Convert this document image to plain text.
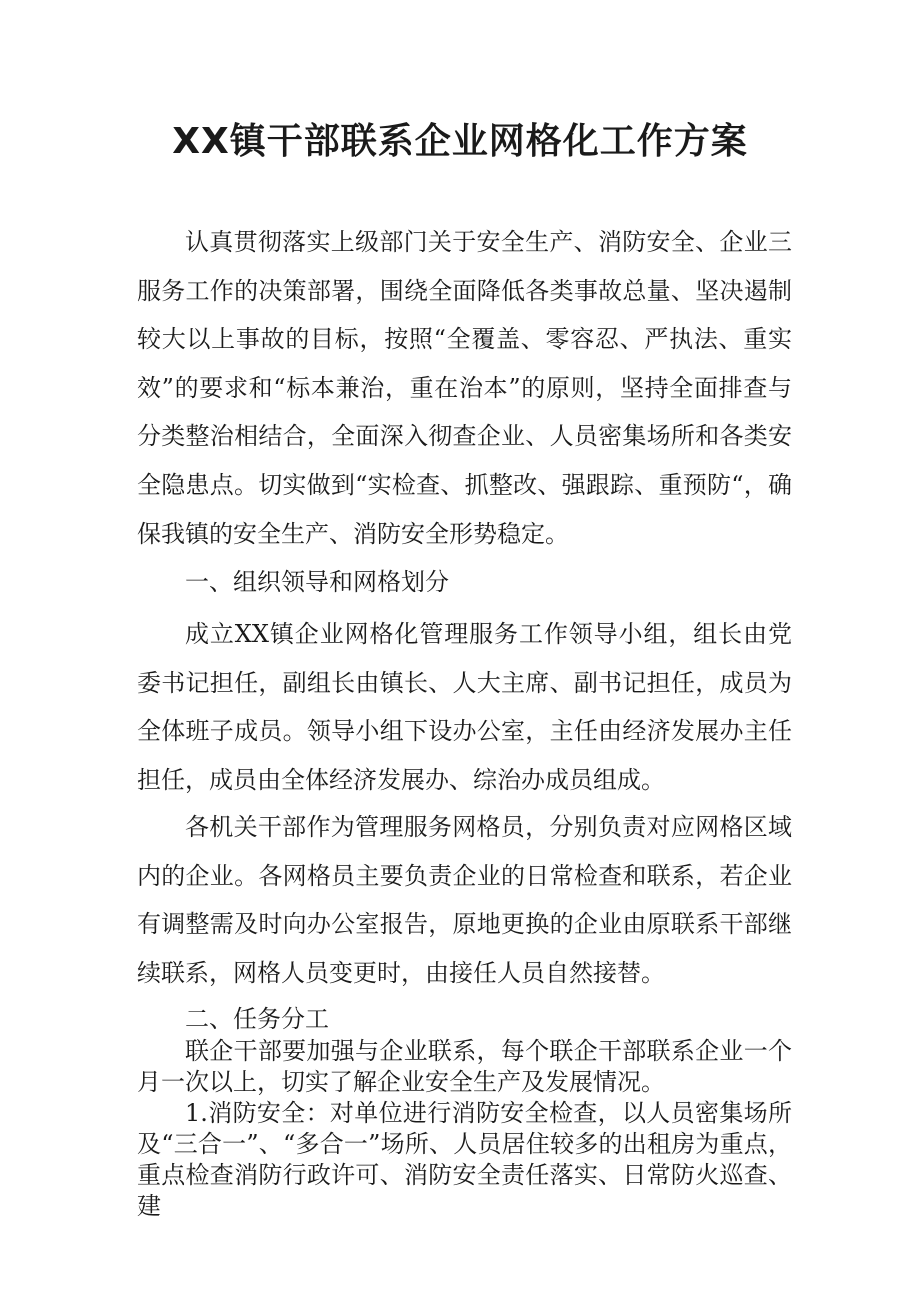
XX镇干部联系企业网格化工作方案

认真贯彻落实上级部门关于安全生产、消防安全、企业三服务工作的决策部署，围绕全面降低各类事故总量、坚决遏制较大以上事故的目标，按照“全覆盖、零容忍、严执法、重实效”的要求和“标本兼治，重在治本”的原则，坚持全面排查与分类整治相结合，全面深入彻查企业、人员密集场所和各类安全隐患点。切实做到“实检查、抓整改、强跟踪、重预防“，确保我镇的安全生产、消防安全形势稳定。

一、组织领导和网格划分

成立XX镇企业网格化管理服务工作领导小组，组长由党委书记担任，副组长由镇长、人大主席、副书记担任，成员为全体班子成员。领导小组下设办公室，主任由经济发展办主任担任，成员由全体经济发展办、综治办成员组成。

各机关干部作为管理服务网格员，分别负责对应网格区域内的企业。各网格员主要负责企业的日常检查和联系，若企业有调整需及时向办公室报告，原地更换的企业由原联系干部继续联系，网格人员变更时，由接任人员自然接替。

二、任务分工

联企干部要加强与企业联系，每个联企干部联系企业一个月一次以上，切实了解企业安全生产及发展情况。

1.消防安全：对单位进行消防安全检查，以人员密集场所及“三合一”、“多合一”场所、人员居住较多的出租房为重点，重点检查消防行政许可、消防安全责任落实、日常防火巡查、建
